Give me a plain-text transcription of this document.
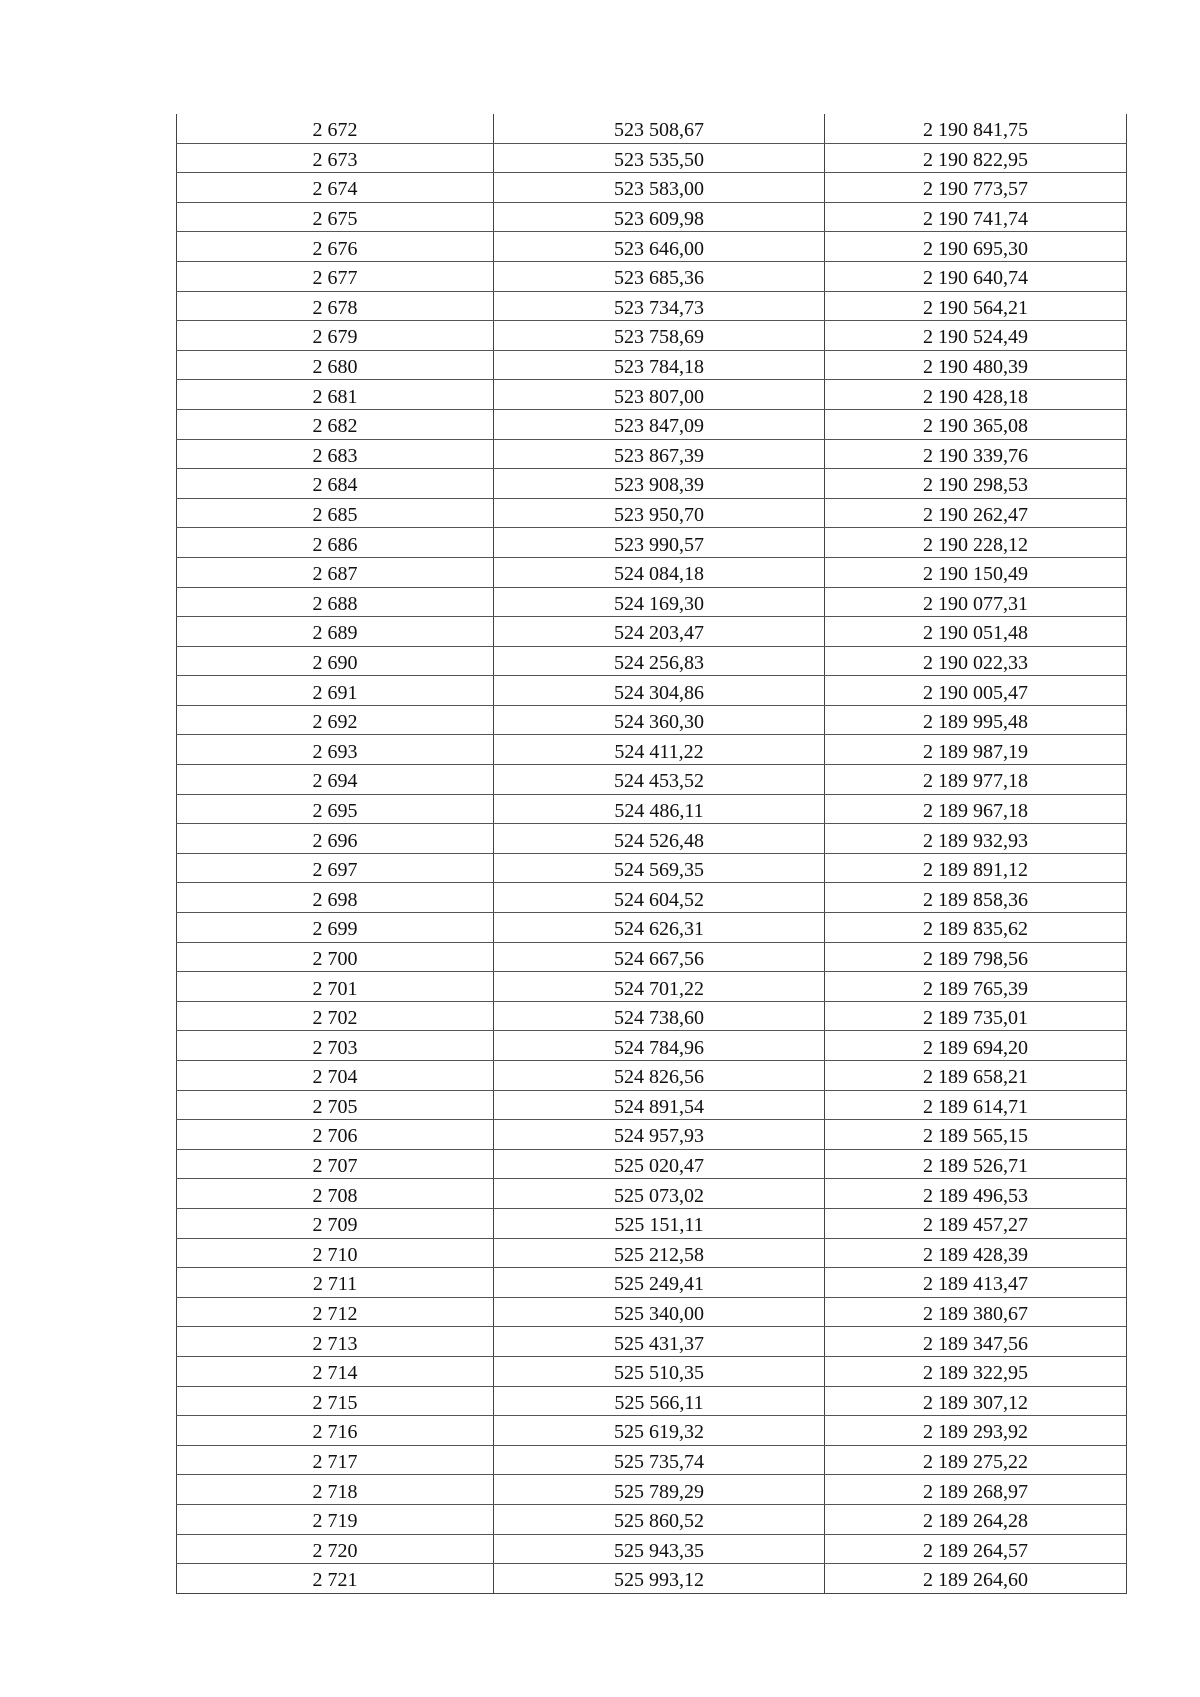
2 672	523 508,67	2 190 841,75
2 673	523 535,50	2 190 822,95
2 674	523 583,00	2 190 773,57
2 675	523 609,98	2 190 741,74
2 676	523 646,00	2 190 695,30
2 677	523 685,36	2 190 640,74
2 678	523 734,73	2 190 564,21
2 679	523 758,69	2 190 524,49
2 680	523 784,18	2 190 480,39
2 681	523 807,00	2 190 428,18
2 682	523 847,09	2 190 365,08
2 683	523 867,39	2 190 339,76
2 684	523 908,39	2 190 298,53
2 685	523 950,70	2 190 262,47
2 686	523 990,57	2 190 228,12
2 687	524 084,18	2 190 150,49
2 688	524 169,30	2 190 077,31
2 689	524 203,47	2 190 051,48
2 690	524 256,83	2 190 022,33
2 691	524 304,86	2 190 005,47
2 692	524 360,30	2 189 995,48
2 693	524 411,22	2 189 987,19
2 694	524 453,52	2 189 977,18
2 695	524 486,11	2 189 967,18
2 696	524 526,48	2 189 932,93
2 697	524 569,35	2 189 891,12
2 698	524 604,52	2 189 858,36
2 699	524 626,31	2 189 835,62
2 700	524 667,56	2 189 798,56
2 701	524 701,22	2 189 765,39
2 702	524 738,60	2 189 735,01
2 703	524 784,96	2 189 694,20
2 704	524 826,56	2 189 658,21
2 705	524 891,54	2 189 614,71
2 706	524 957,93	2 189 565,15
2 707	525 020,47	2 189 526,71
2 708	525 073,02	2 189 496,53
2 709	525 151,11	2 189 457,27
2 710	525 212,58	2 189 428,39
2 711	525 249,41	2 189 413,47
2 712	525 340,00	2 189 380,67
2 713	525 431,37	2 189 347,56
2 714	525 510,35	2 189 322,95
2 715	525 566,11	2 189 307,12
2 716	525 619,32	2 189 293,92
2 717	525 735,74	2 189 275,22
2 718	525 789,29	2 189 268,97
2 719	525 860,52	2 189 264,28
2 720	525 943,35	2 189 264,57
2 721	525 993,12	2 189 264,60
